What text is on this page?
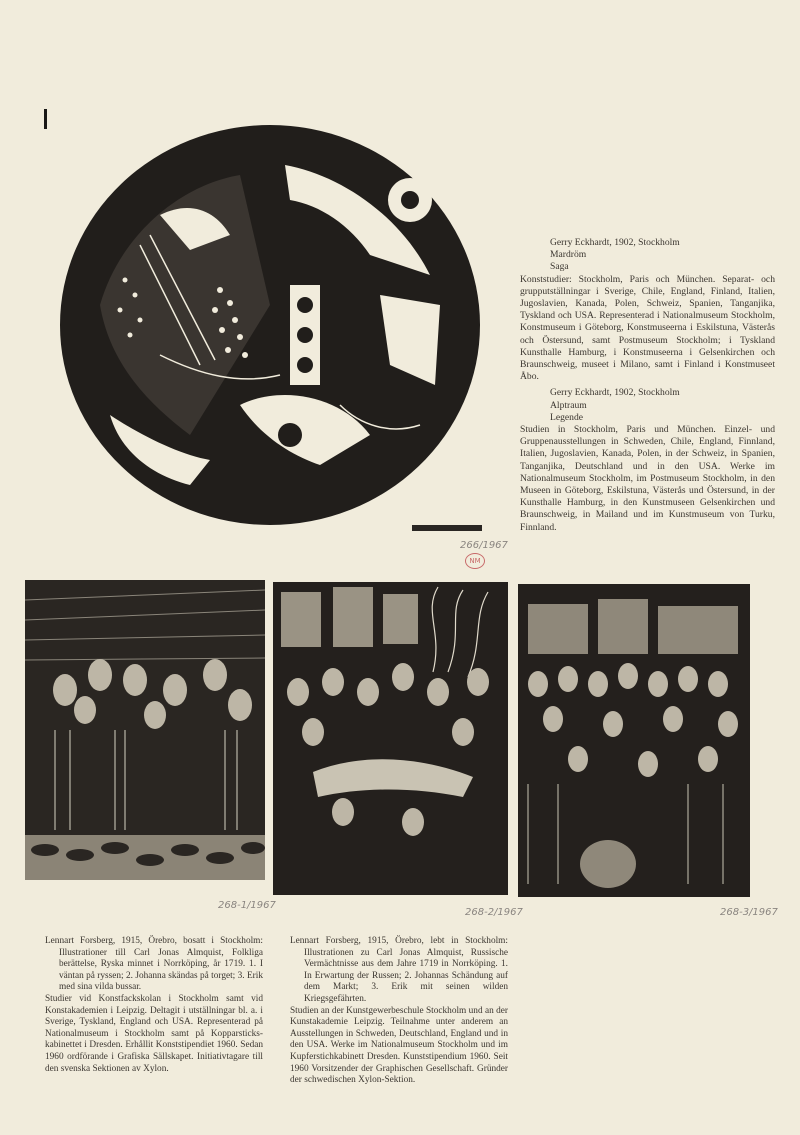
Gerry Eckhardt, 1902, Stockholm
Mardröm
Saga
Konststudier: Stockholm, Paris och München. Separat- och grupputställningar i Sverige, Chile, England, Finland, Italien, Jugoslavien, Kanada, Polen, Schweiz, Spanien, Tanganjika, Tyskland och USA. Representerad i Nationalmuseum Stockholm, Konstmuseum i Göteborg, Konstmuseerna i Eskilstuna, Västerås och Östersund, samt Postmuseum Stockholm; i Tyskland Kunsthalle Hamburg, i Konstmuseerna i Gelsenkirchen och Braunschweig, museet i Milano, samt i Finland i Konstmuseet Åbo.
Gerry Eckhardt, 1902, Stockholm
Alptraum
Legende
Studien in Stockholm, Paris und München. Einzel- und Gruppenausstellungen in Schweden, Chile, England, Finnland, Italien, Jugoslavien, Kanada, Polen, in der Schweiz, in Spanien, Tanganjika, Deutschland und in den USA. Werke im Nationalmuseum Stockholm, im Postmuseum Stockholm, in den Museen in Göteborg, Eskilstuna, Västerås und Östersund, in der Kunsthalle Hamburg, in den Kunstmuseen Gelsenkirchen und Braunschweig, in Mailand und im Kunstmuseum von Turku, Finnland.
266/1967
NM
268-1/1967
268-2/1967	268-3/1967
Lennart Forsberg, 1915, Örebro, bosatt i Stockholm: Illustrationer till Carl Jonas Almquist, Folkliga berättelse, Ryska minnet i Norrköping, år 1719. 1. I väntan på ryssen; 2. Johanna skändas på torget; 3. Erik med sina vilda bussar.
Studier vid Konstfackskolan i Stockholm samt vid Konstakademien i Leipzig. Deltagit i utställningar bl. a. i Sverige, Tyskland, England och USA. Representerad på Nationalmuseum i Stockholm samt på Kopparsticks-kabinettet i Dresden. Erhållit Konststipendiet 1960. Sedan 1960 ordförande i Grafiska Sällskapet. Initiativtagare till den svenska Sektionen av Xylon.
Lennart Forsberg, 1915, Örebro, lebt in Stockholm: Illustrationen zu Carl Jonas Almquist, Russische Vermächtnisse aus dem Jahre 1719 in Norrköping. 1. In Erwartung der Russen; 2. Johannas Schändung auf dem Markt; 3. Erik mit seinen wilden Kriegsgefährten.
Studien an der Kunstgewerbeschule Stockholm und an der Kunstakademie Leipzig. Teilnahme unter anderem an Ausstellungen in Schweden, Deutschland, England und in den USA. Werke im Nationalmuseum Stockholm und im Kupferstichkabinett Dresden. Kunststipendium 1960. Seit 1960 Vorsitzender der Graphischen Gesellschaft. Gründer der schwedischen Xylon-Sektion.
